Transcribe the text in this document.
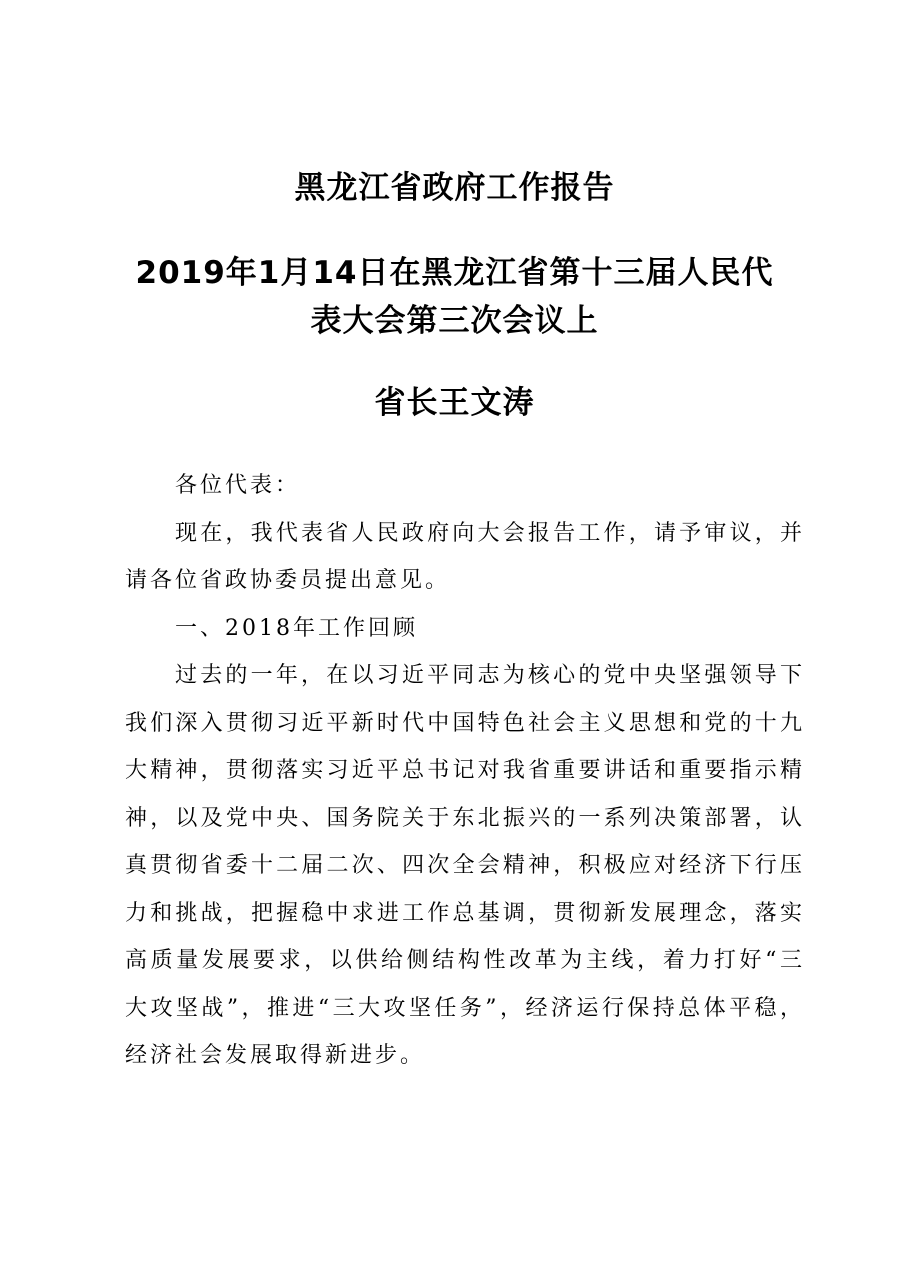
黑龙江省政府工作报告
2019年1月14日在黑龙江省第十三届人民代
表大会第三次会议上
省长王文涛

各位代表：

现在，我代表省人民政府向大会报告工作，请予审议，并请各位省政协委员提出意见。

一、2018年工作回顾

过去的一年，在以习近平同志为核心的党中央坚强领导下我们深入贯彻习近平新时代中国特色社会主义思想和党的十九大精神，贯彻落实习近平总书记对我省重要讲话和重要指示精神，以及党中央、国务院关于东北振兴的一系列决策部署，认真贯彻省委十二届二次、四次全会精神，积极应对经济下行压力和挑战，把握稳中求进工作总基调，贯彻新发展理念，落实高质量发展要求，以供给侧结构性改革为主线，着力打好“三大攻坚战”，推进“三大攻坚任务”，经济运行保持总体平稳，经济社会发展取得新进步。
